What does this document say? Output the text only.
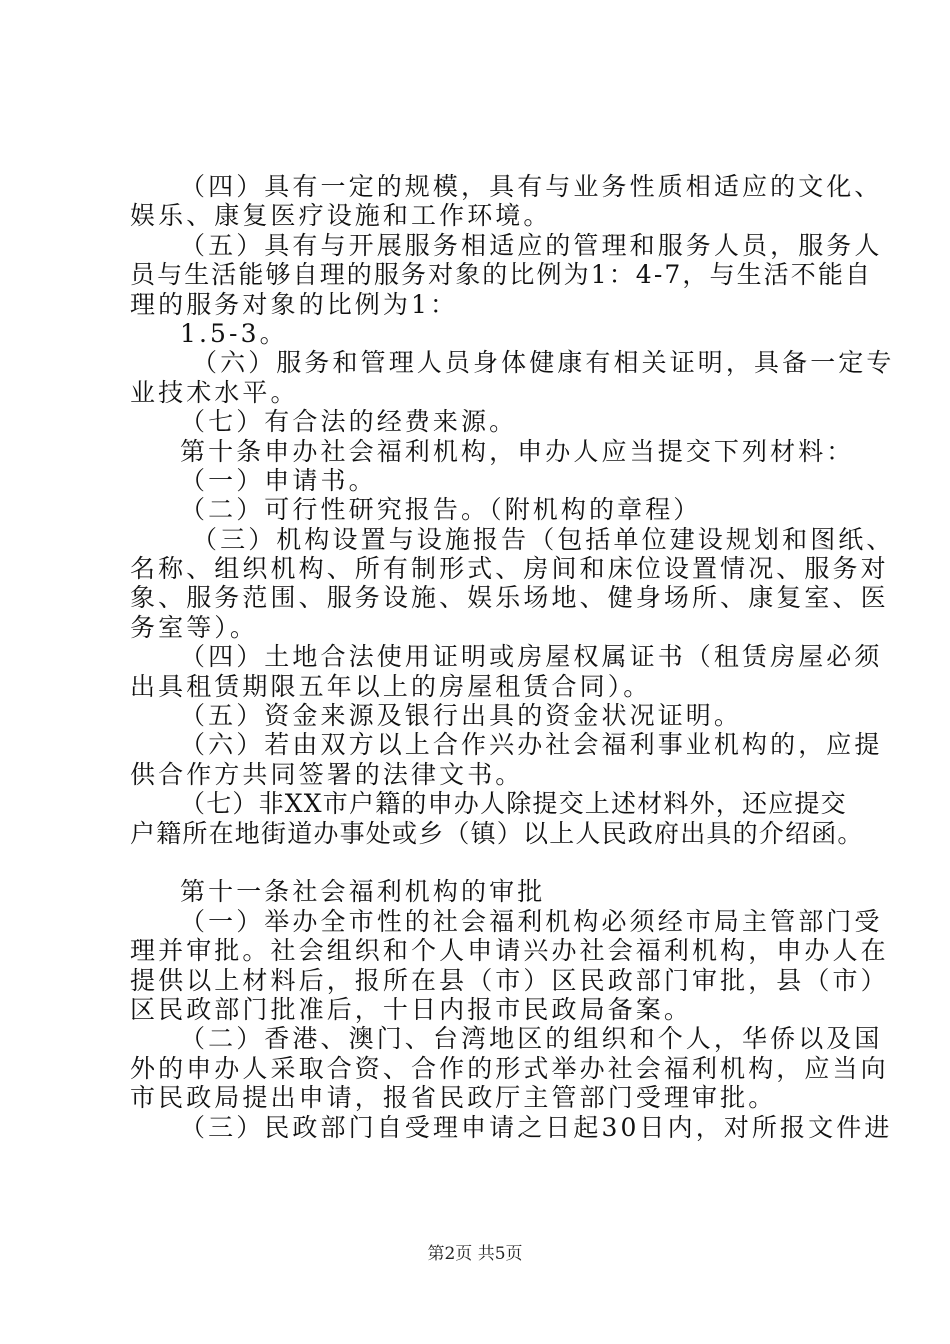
（四）具有一定的规模，具有与业务性质相适应的文化、
娱乐、康复医疗设施和工作环境。
（五）具有与开展服务相适应的管理和服务人员，服务人
员与生活能够自理的服务对象的比例为1：4-7，与生活不能自
理的服务对象的比例为1：
1.5-3。
（六）服务和管理人员身体健康有相关证明，具备一定专
业技术水平。
（七）有合法的经费来源。
第十条申办社会福利机构，申办人应当提交下列材料：
（一）申请书。
（二）可行性研究报告。（附机构的章程）
（三）机构设置与设施报告（包括单位建设规划和图纸、
名称、组织机构、所有制形式、房间和床位设置情况、服务对
象、服务范围、服务设施、娱乐场地、健身场所、康复室、医
务室等）。
（四）土地合法使用证明或房屋权属证书（租赁房屋必须
出具租赁期限五年以上的房屋租赁合同）。
（五）资金来源及银行出具的资金状况证明。
（六）若由双方以上合作兴办社会福利事业机构的，应提
供合作方共同签署的法律文书。
（七）非XX市户籍的申办人除提交上述材料外，还应提交
户籍所在地街道办事处或乡（镇）以上人民政府出具的介绍函。
第十一条社会福利机构的审批
（一）举办全市性的社会福利机构必须经市局主管部门受
理并审批。社会组织和个人申请兴办社会福利机构，申办人在
提供以上材料后，报所在县（市）区民政部门审批，县（市）
区民政部门批准后，十日内报市民政局备案。
（二）香港、澳门、台湾地区的组织和个人，华侨以及国
外的申办人采取合资、合作的形式举办社会福利机构，应当向
市民政局提出申请，报省民政厅主管部门受理审批。
（三）民政部门自受理申请之日起30日内，对所报文件进
第2页 共5页
